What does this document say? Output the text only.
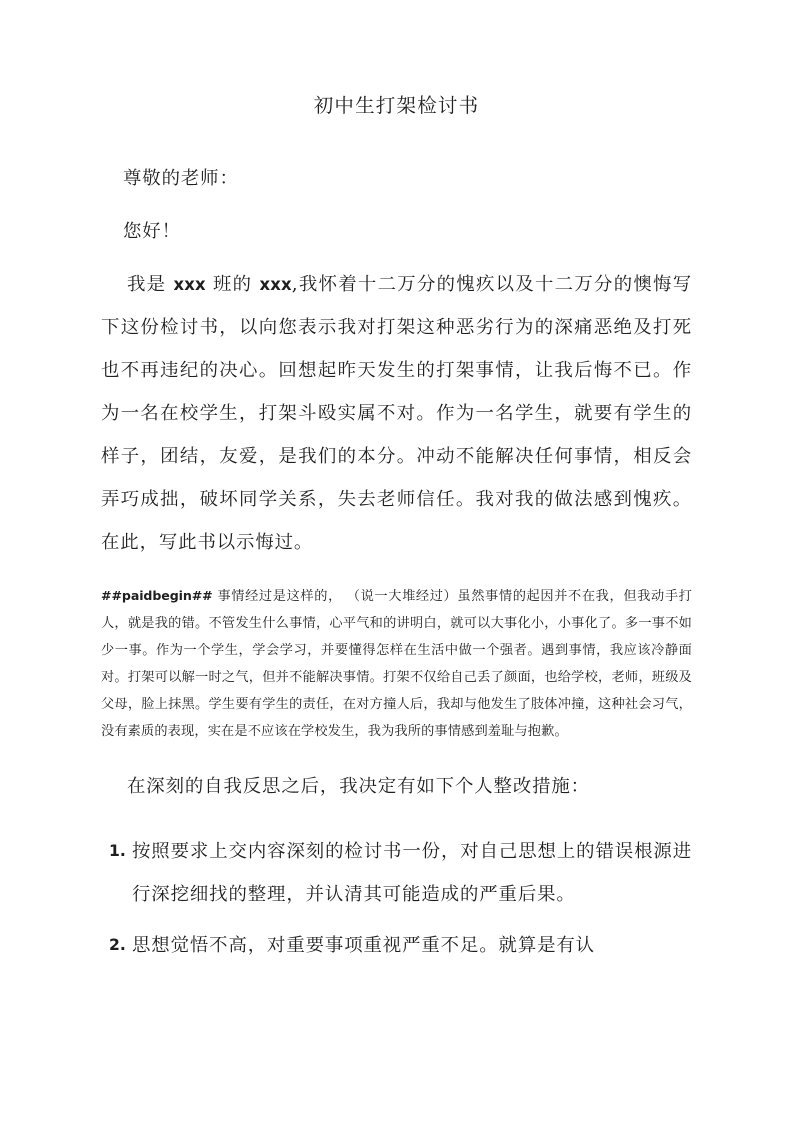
初中生打架检讨书

尊敬的老师：

您好！

我是 xxx 班的 xxx,我怀着十二万分的愧疚以及十二万分的懊悔写下这份检讨书，以向您表示我对打架这种恶劣行为的深痛恶绝及打死也不再违纪的决心。回想起昨天发生的打架事情，让我后悔不已。作为一名在校学生，打架斗殴实属不对。作为一名学生，就要有学生的样子，团结，友爱，是我们的本分。冲动不能解决任何事情，相反会弄巧成拙，破坏同学关系，失去老师信任。我对我的做法感到愧疚。在此，写此书以示悔过。

##paidbegin## 事情经过是这样的， （说一大堆经过）虽然事情的起因并不在我，但我动手打人，就是我的错。不管发生什么事情，心平气和的讲明白，就可以大事化小，小事化了。多一事不如少一事。作为一个学生，学会学习，并要懂得怎样在生活中做一个强者。遇到事情，我应该冷静面对。打架可以解一时之气，但并不能解决事情。打架不仅给自己丢了颜面，也给学校，老师，班级及父母，脸上抹黑。学生要有学生的责任，在对方撞人后，我却与他发生了肢体冲撞，这种社会习气，没有素质的表现，实在是不应该在学校发生，我为我所的事情感到羞耻与抱歉。

在深刻的自我反思之后，我决定有如下个人整改措施：

1. 按照要求上交内容深刻的检讨书一份，对自己思想上的错误根源进行深挖细找的整理，并认清其可能造成的严重后果。
2. 思想觉悟不高，对重要事项重视严重不足。就算是有认
